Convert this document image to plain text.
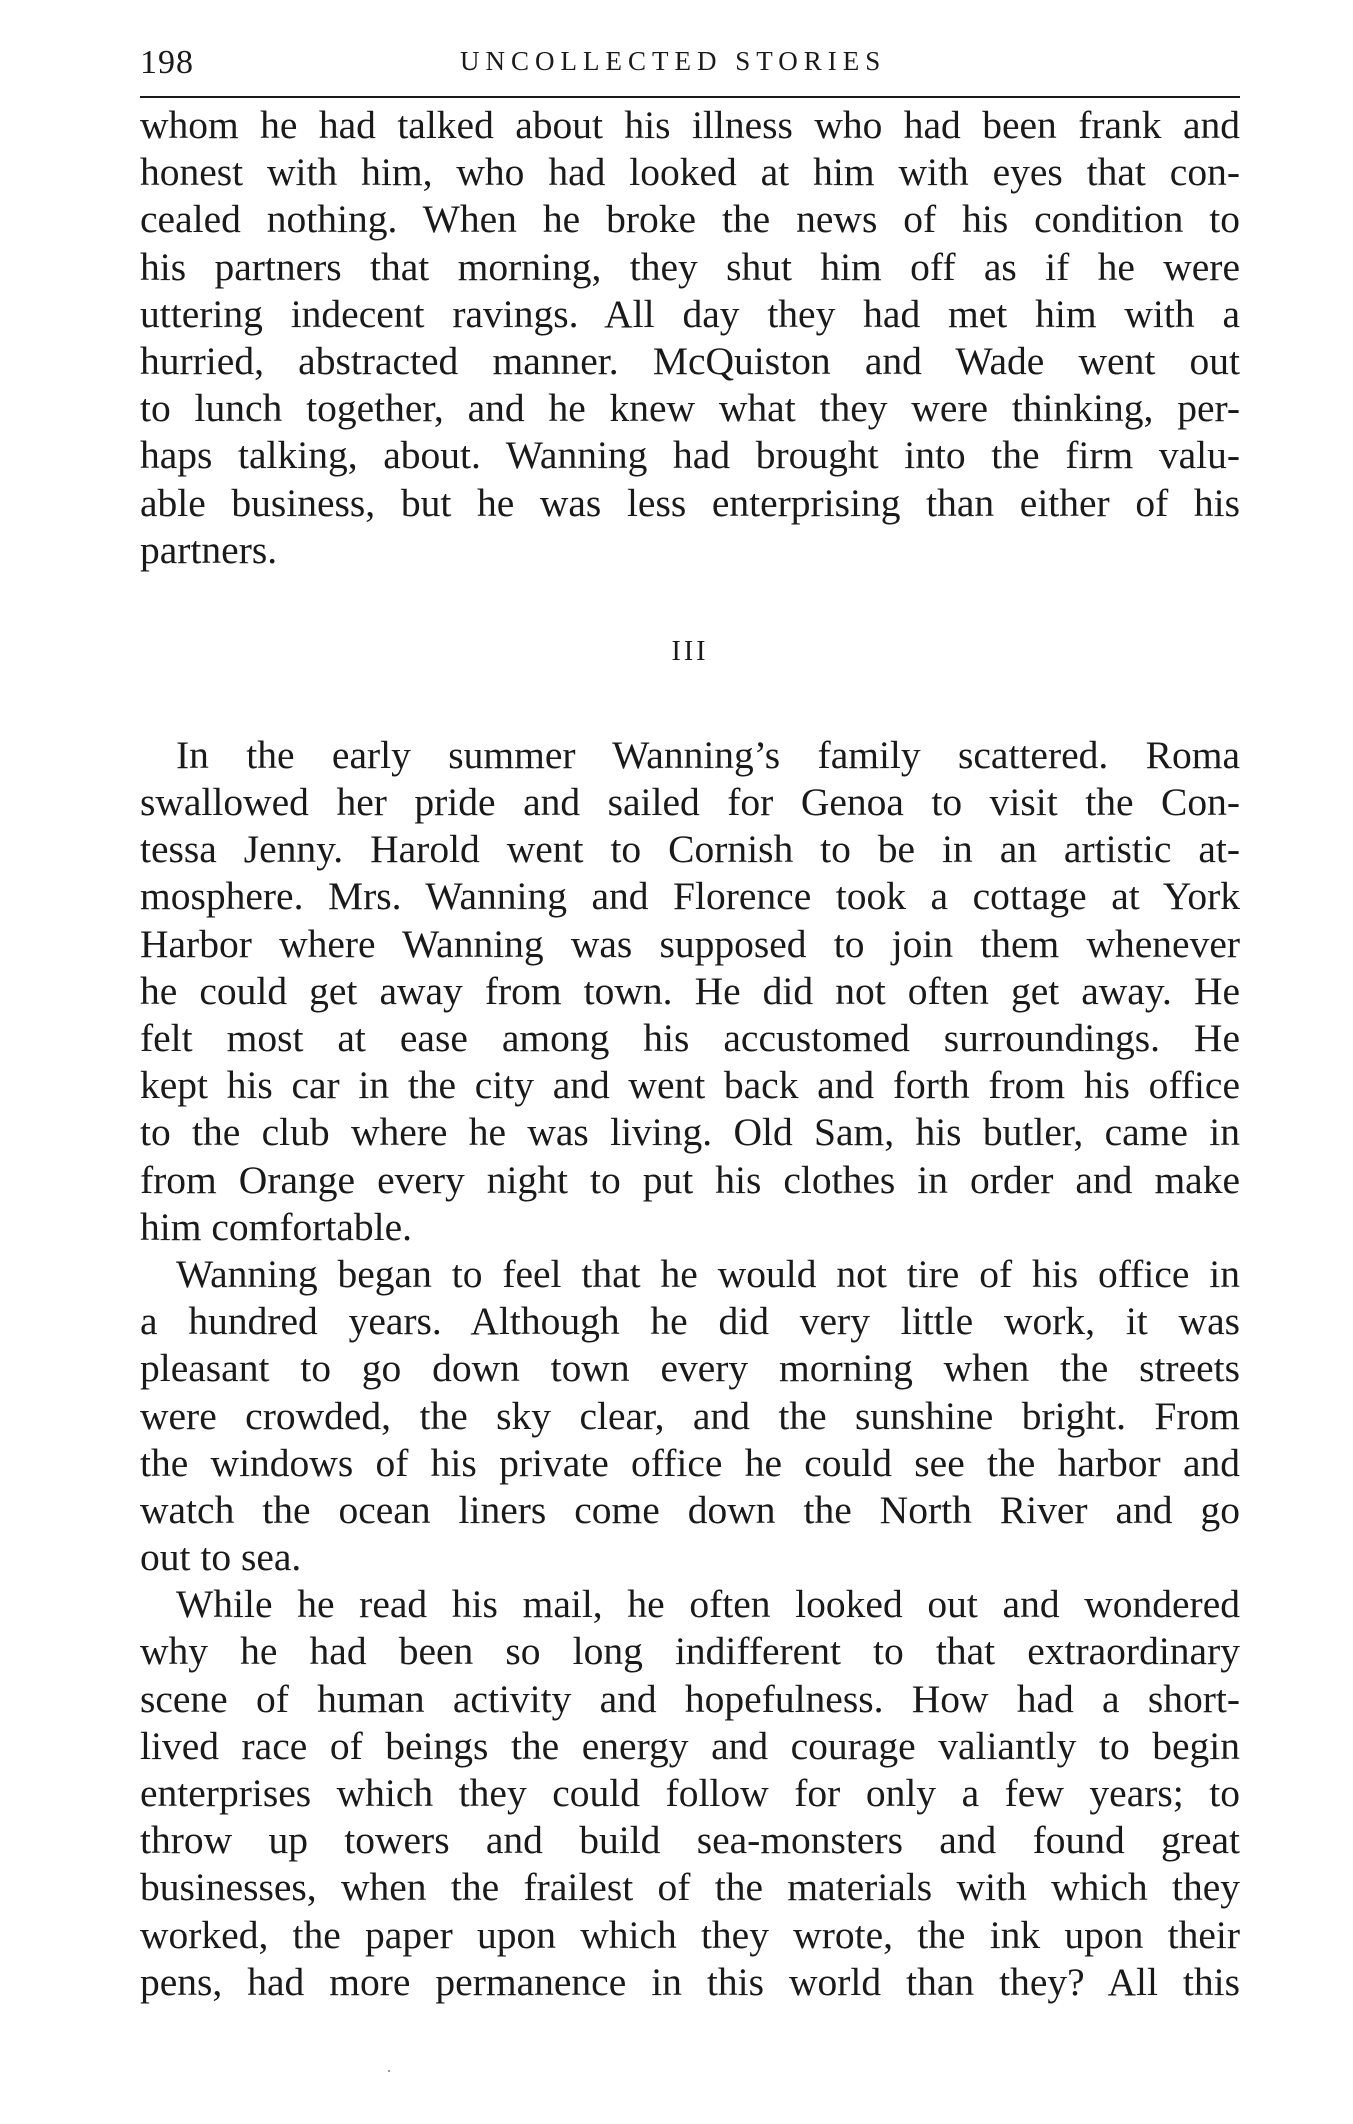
198	UNCOLLECTED STORIES
whom he had talked about his illness who had been frank and
honest with him, who had looked at him with eyes that con-
cealed nothing. When he broke the news of his condition to
his partners that morning, they shut him off as if he were
uttering indecent ravings. All day they had met him with a
hurried, abstracted manner. McQuiston and Wade went out
to lunch together, and he knew what they were thinking, per-
haps talking, about. Wanning had brought into the firm valu-
able business, but he was less enterprising than either of his
partners.
III
In the early summer Wanning’s family scattered. Roma
swallowed her pride and sailed for Genoa to visit the Con-
tessa Jenny. Harold went to Cornish to be in an artistic at-
mosphere. Mrs. Wanning and Florence took a cottage at York
Harbor where Wanning was supposed to join them whenever
he could get away from town. He did not often get away. He
felt most at ease among his accustomed surroundings. He
kept his car in the city and went back and forth from his office
to the club where he was living. Old Sam, his butler, came in
from Orange every night to put his clothes in order and make
him comfortable.
Wanning began to feel that he would not tire of his office in
a hundred years. Although he did very little work, it was
pleasant to go down town every morning when the streets
were crowded, the sky clear, and the sunshine bright. From
the windows of his private office he could see the harbor and
watch the ocean liners come down the North River and go
out to sea.
While he read his mail, he often looked out and wondered
why he had been so long indifferent to that extraordinary
scene of human activity and hopefulness. How had a short-
lived race of beings the energy and courage valiantly to begin
enterprises which they could follow for only a few years; to
throw up towers and build sea-monsters and found great
businesses, when the frailest of the materials with which they
worked, the paper upon which they wrote, the ink upon their
pens, had more permanence in this world than they? All this
